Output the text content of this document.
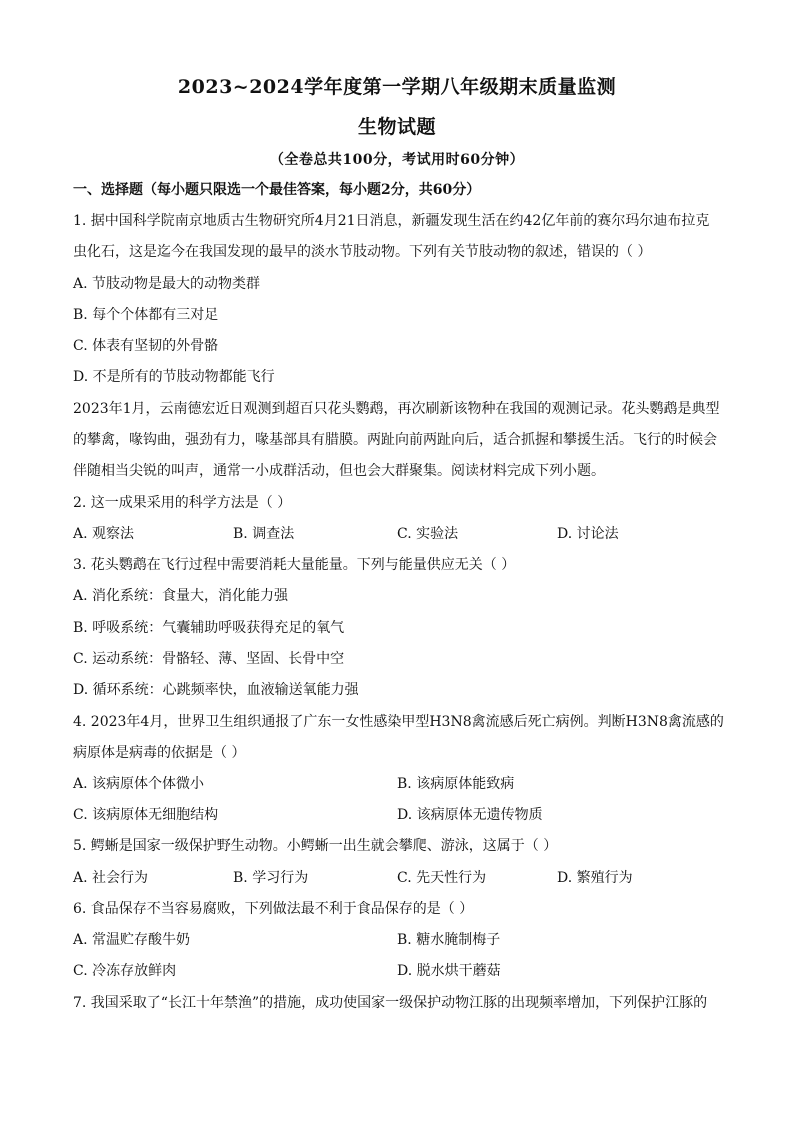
2023~2024学年度第一学期八年级期末质量监测
生物试题
（全卷总共100分，考试用时60分钟）
一、选择题（每小题只限选一个最佳答案，每小题2分，共60分）
1. 据中国科学院南京地质古生物研究所4月21日消息，新疆发现生活在约42亿年前的赛尔玛尔迪布拉克
虫化石，这是迄今在我国发现的最早的淡水节肢动物。下列有关节肢动物的叙述，错误的（ ）
A. 节肢动物是最大的动物类群
B. 每个个体都有三对足
C. 体表有坚韧的外骨骼
D. 不是所有的节肢动物都能飞行
2023年1月，云南德宏近日观测到超百只花头鹦鹉，再次刷新该物种在我国的观测记录。花头鹦鹉是典型
的攀禽，喙钩曲，强劲有力，喙基部具有腊膜。两趾向前两趾向后，适合抓握和攀援生活。飞行的时候会
伴随相当尖锐的叫声，通常一小成群活动，但也会大群聚集。阅读材料完成下列小题。
2. 这一成果采用的科学方法是（ ）
A. 观察法	B. 调查法	C. 实验法	D. 讨论法
3. 花头鹦鹉在飞行过程中需要消耗大量能量。下列与能量供应无关（ ）
A. 消化系统：食量大，消化能力强
B. 呼吸系统：气囊辅助呼吸获得充足的氧气
C. 运动系统：骨骼轻、薄、坚固、长骨中空
D. 循环系统：心跳频率快，血液输送氧能力强
4. 2023年4月，世界卫生组织通报了广东一女性感染甲型H3N8禽流感后死亡病例。判断H3N8禽流感的
病原体是病毒的依据是（ ）
A. 该病原体个体微小	B. 该病原体能致病
C. 该病原体无细胞结构	D. 该病原体无遗传物质
5. 鳄蜥是国家一级保护野生动物。小鳄蜥一出生就会攀爬、游泳，这属于（ ）
A. 社会行为	B. 学习行为	C. 先天性行为	D. 繁殖行为
6. 食品保存不当容易腐败，下列做法最不利于食品保存的是（ ）
A. 常温贮存酸牛奶	B. 糖水腌制梅子
C. 冷冻存放鲜肉	D. 脱水烘干蘑菇
7. 我国采取了“长江十年禁渔”的措施，成功使国家一级保护动物江豚的出现频率增加，下列保护江豚的
